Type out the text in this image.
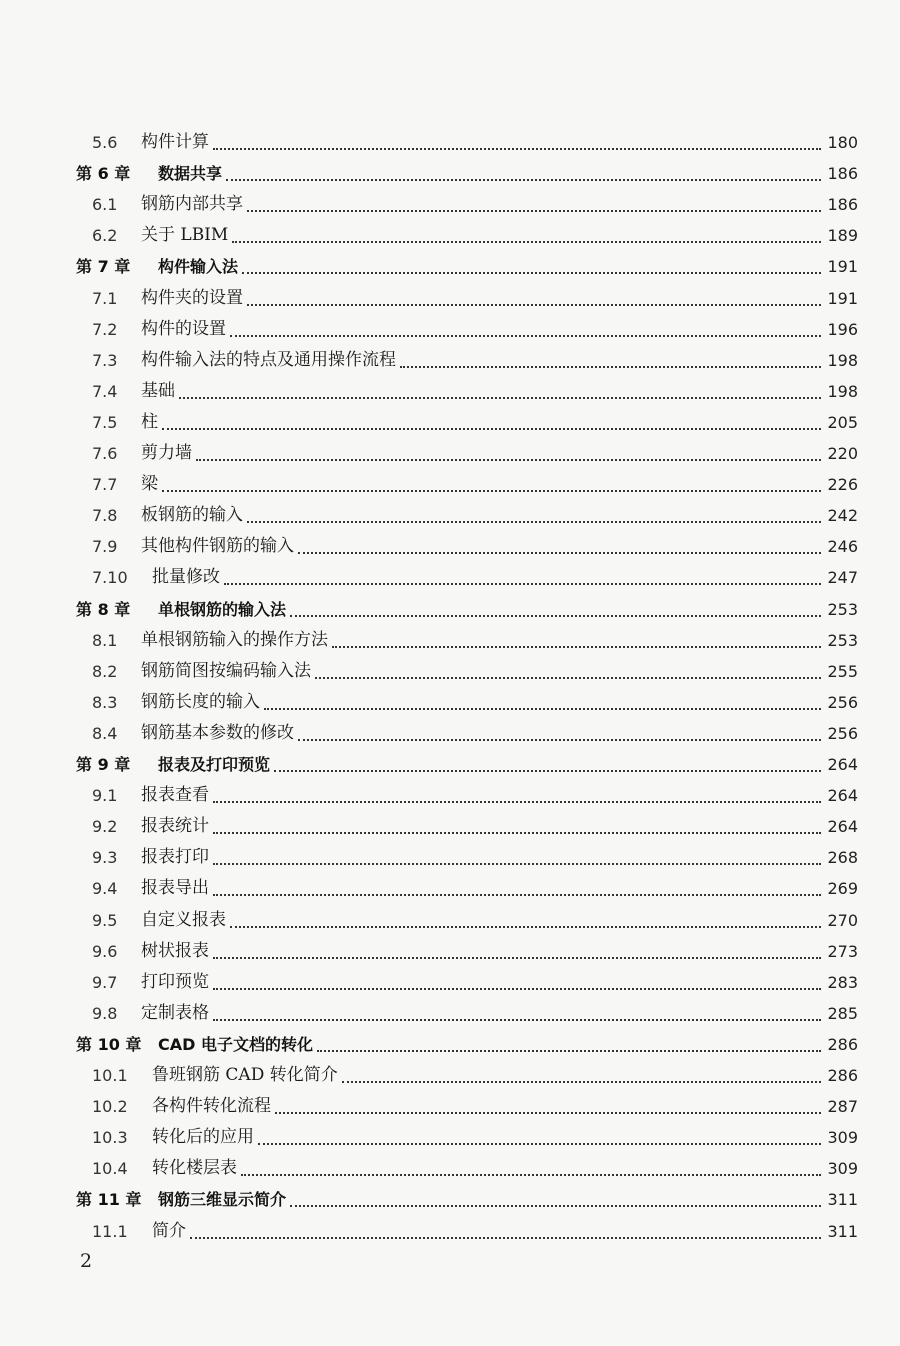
5.6 构件计算	180
第 6 章 数据共享	186
6.1 钢筋内部共享	186
6.2 关于 LBIM	189
第 7 章 构件输入法	191
7.1 构件夹的设置	191
7.2 构件的设置	196
7.3 构件输入法的特点及通用操作流程	198
7.4 基础	198
7.5 柱	205
7.6 剪力墙	220
7.7 梁	226
7.8 板钢筋的输入	242
7.9 其他构件钢筋的输入	246
7.10 批量修改	247
第 8 章 单根钢筋的输入法	253
8.1 单根钢筋输入的操作方法	253
8.2 钢筋简图按编码输入法	255
8.3 钢筋长度的输入	256
8.4 钢筋基本参数的修改	256
第 9 章 报表及打印预览	264
9.1 报表查看	264
9.2 报表统计	264
9.3 报表打印	268
9.4 报表导出	269
9.5 自定义报表	270
9.6 树状报表	273
9.7 打印预览	283
9.8 定制表格	285
第 10 章 CAD 电子文档的转化	286
10.1 鲁班钢筋 CAD 转化简介	286
10.2 各构件转化流程	287
10.3 转化后的应用	309
10.4 转化楼层表	309
第 11 章 钢筋三维显示简介	311
11.1 简介	311
2
